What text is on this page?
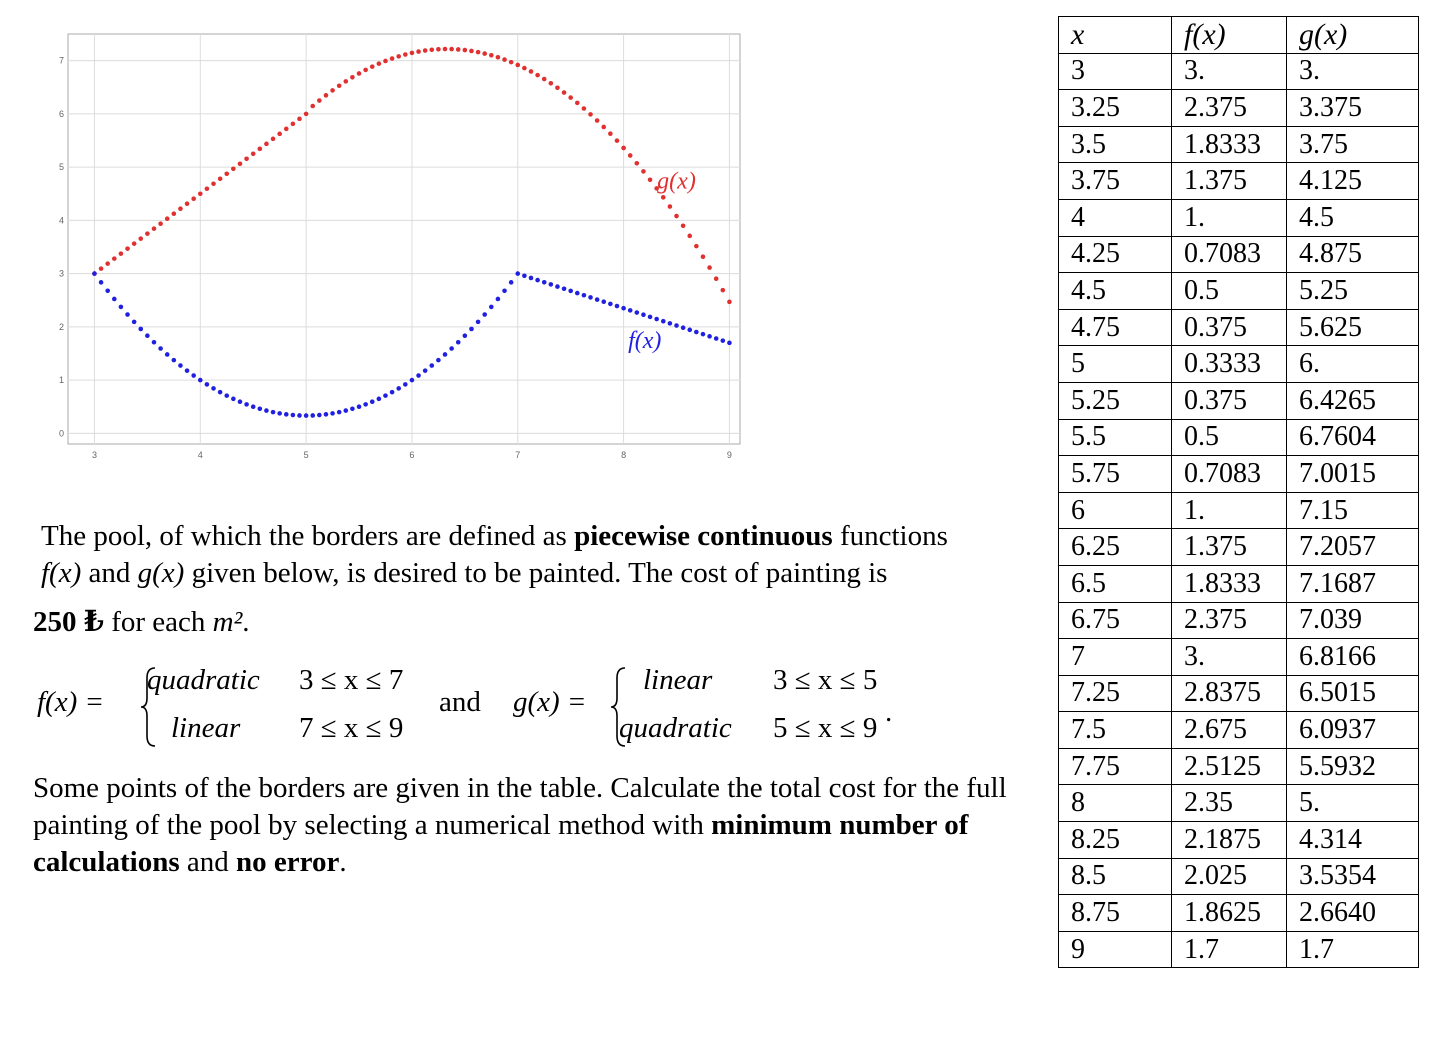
3	4	5	6	7	8	9
0
1
2
3
4
5
6
7
g(x)
f(x)

The pool, of which the borders are defined as piecewise continuous functions

f(x) and g(x) given below, is desired to be painted. The cost of painting is

250 ₺ for each m².

f(x) =
quadratic 3 ≤ x ≤ 7
linear 7 ≤ x ≤ 9
and g(x) =
linear 3 ≤ x ≤ 5
quadratic 5 ≤ x ≤ 9 .
Some points of the borders are given in the table. Calculate the total cost for the full painting of the pool by selecting a numerical method with minimum number of calculations and no error.
x	f(x)	g(x)
3	3.	3.
3.25	2.375	3.375
3.5	1.8333	3.75
3.75	1.375	4.125
4	1.	4.5
4.25	0.7083	4.875
4.5	0.5	5.25
4.75	0.375	5.625
5	0.3333	6.
5.25	0.375	6.4265
5.5	0.5	6.7604
5.75	0.7083	7.0015
6	1.	7.15
6.25	1.375	7.2057
6.5	1.8333	7.1687
6.75	2.375	7.039
7	3.	6.8166
7.25	2.8375	6.5015
7.5	2.675	6.0937
7.75	2.5125	5.5932
8	2.35	5.
8.25	2.1875	4.314
8.5	2.025	3.5354
8.75	1.8625	2.6640
9	1.7	1.7
